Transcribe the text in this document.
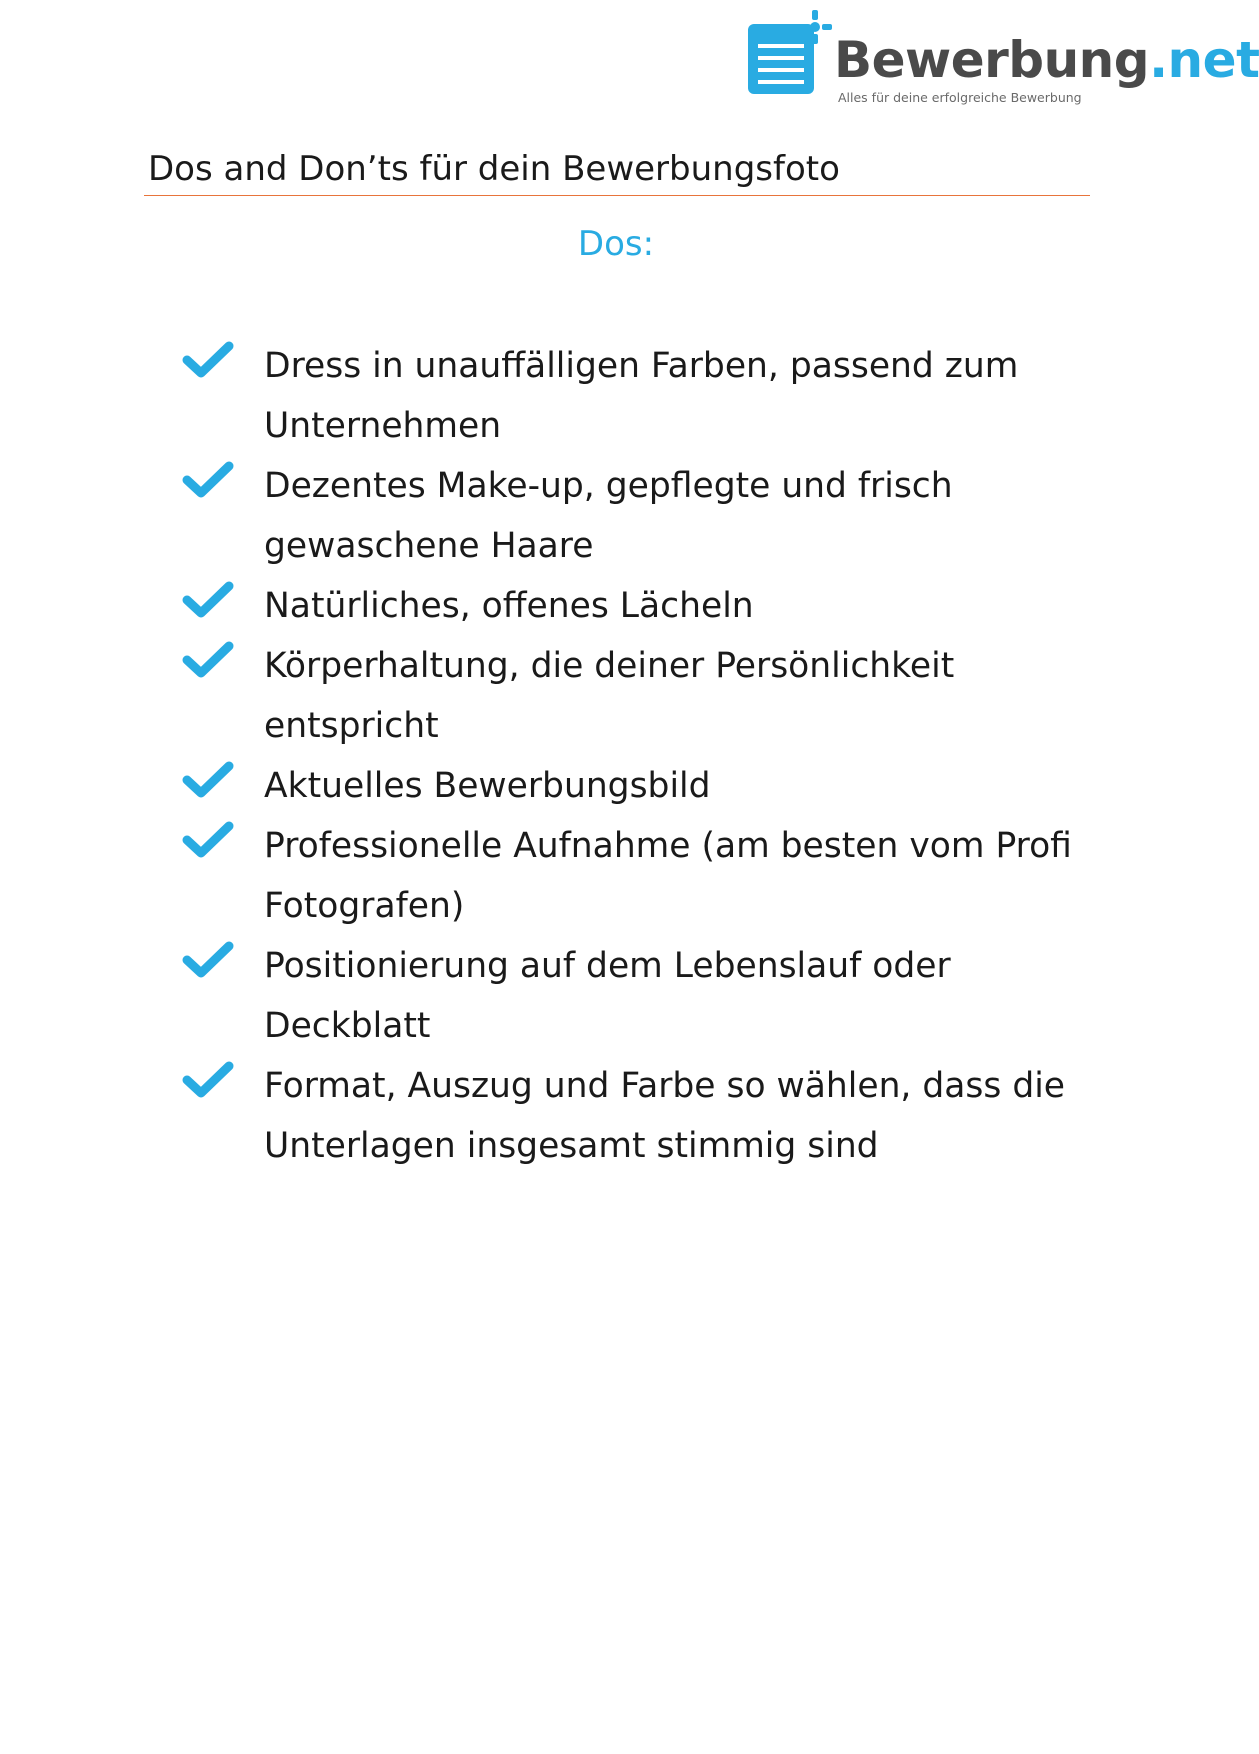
Bewerbung.net
Alles für deine erfolgreiche Bewerbung
Dos and Don’ts für dein Bewerbungsfoto
Dos:
Dress in unauffälligen Farben, passend zum Unternehmen
Dezentes Make-up, gepflegte und frisch gewaschene Haare
Natürliches, offenes Lächeln
Körperhaltung, die deiner Persönlichkeit entspricht
Aktuelles Bewerbungsbild
Professionelle Aufnahme (am besten vom Profi Fotografen)
Positionierung auf dem Lebenslauf oder Deckblatt
Format, Auszug und Farbe so wählen, dass die Unterlagen insgesamt stimmig sind
